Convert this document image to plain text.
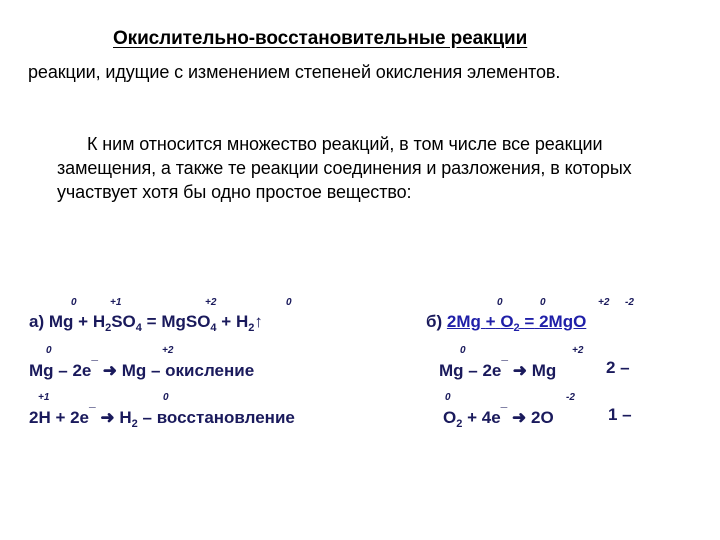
Окислительно-восстановительные реакции
реакции, идущие с изменением степеней окисления элементов.
К ним относится множество реакций, в том числе все реакции замещения, а также те реакции соединения и разложения, в которых участвует хотя бы одно простое вещество:
0	+1	+2	0
а) $Mg + H_2SO_4$ = MgSO$_4$ + $H_2↑$
0	+2
Mg – 2e¯ ➜ Mg – окисление
+1	0
2H + 2e¯ ➜ $H_2$ – восстановление
0	0	+2 -2
б) $2Mg + O_2 = 2MgO$
0	+2
Mg – 2e¯ ➜ Mg	2 –
0	-2
$O_2 + 4e^¯$ ➜ 2O	1 –
